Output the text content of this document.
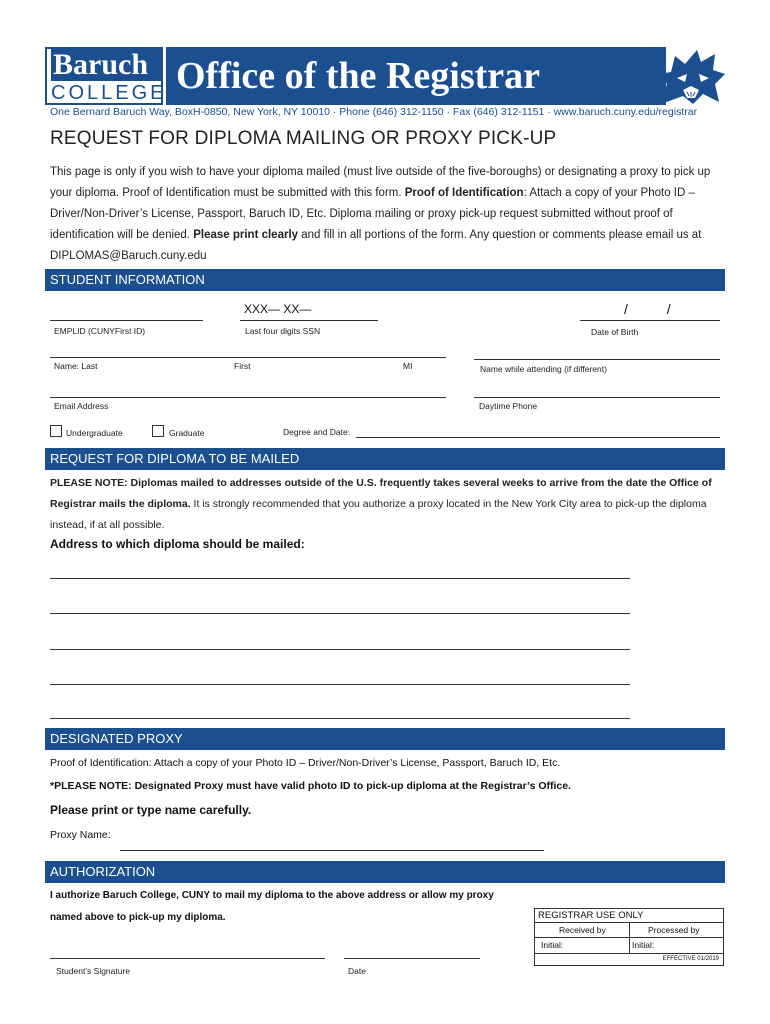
Baruch
COLLEGE Office of the Registrar
One Bernard Baruch Way, BoxH-0850, New York, NY 10010 · Phone (646) 312-1150 · Fax (646) 312-1151 · www.baruch.cuny.edu/registrar
REQUEST FOR DIPLOMA MAILING OR PROXY PICK-UP
This page is only if you wish to have your diploma mailed (must live outside of the five-boroughs) or designating a proxy to pick up your diploma. Proof of Identification must be submitted with this form. Proof of Identification: Attach a copy of your Photo ID – Driver/Non-Driver’s License, Passport, Baruch ID, Etc. Diploma mailing or proxy pick-up request submitted without proof of identification will be denied. Please print clearly and fill in all portions of the form. Any question or comments please email us at DIPLOMAS@Baruch.cuny.edu
STUDENT INFORMATION
EMPLID (CUNYFirst ID)
XXX— XX—
Last four digits SSN
/          /
Date of Birth
Name: Last	First	MI	Name while attending (if different)
Email Address	Daytime Phone
Undergraduate	Graduate	Degree and Date:
REQUEST FOR DIPLOMA TO BE MAILED
PLEASE NOTE: Diplomas mailed to addresses outside of the U.S. frequently takes several weeks to arrive from the date the Office of Registrar mails the diploma. It is strongly recommended that you authorize a proxy located in the New York City area to pick-up the diploma instead, if at all possible.
Address to which diploma should be mailed:
DESIGNATED PROXY
Proof of Identification: Attach a copy of your Photo ID – Driver/Non-Driver’s License, Passport, Baruch ID, Etc.
*PLEASE NOTE: Designated Proxy must have valid photo ID to pick-up diploma at the Registrar’s Office.
Please print or type name carefully.
Proxy Name:
AUTHORIZATION
I authorize Baruch College, CUNY to mail my diploma to the above address or allow my proxy
named above to pick-up my diploma.
Student’s Signature	Date
REGISTRAR USE ONLY
Received by	Processed by
Initial:	Initial:
EFFECTIVE 01/2019
